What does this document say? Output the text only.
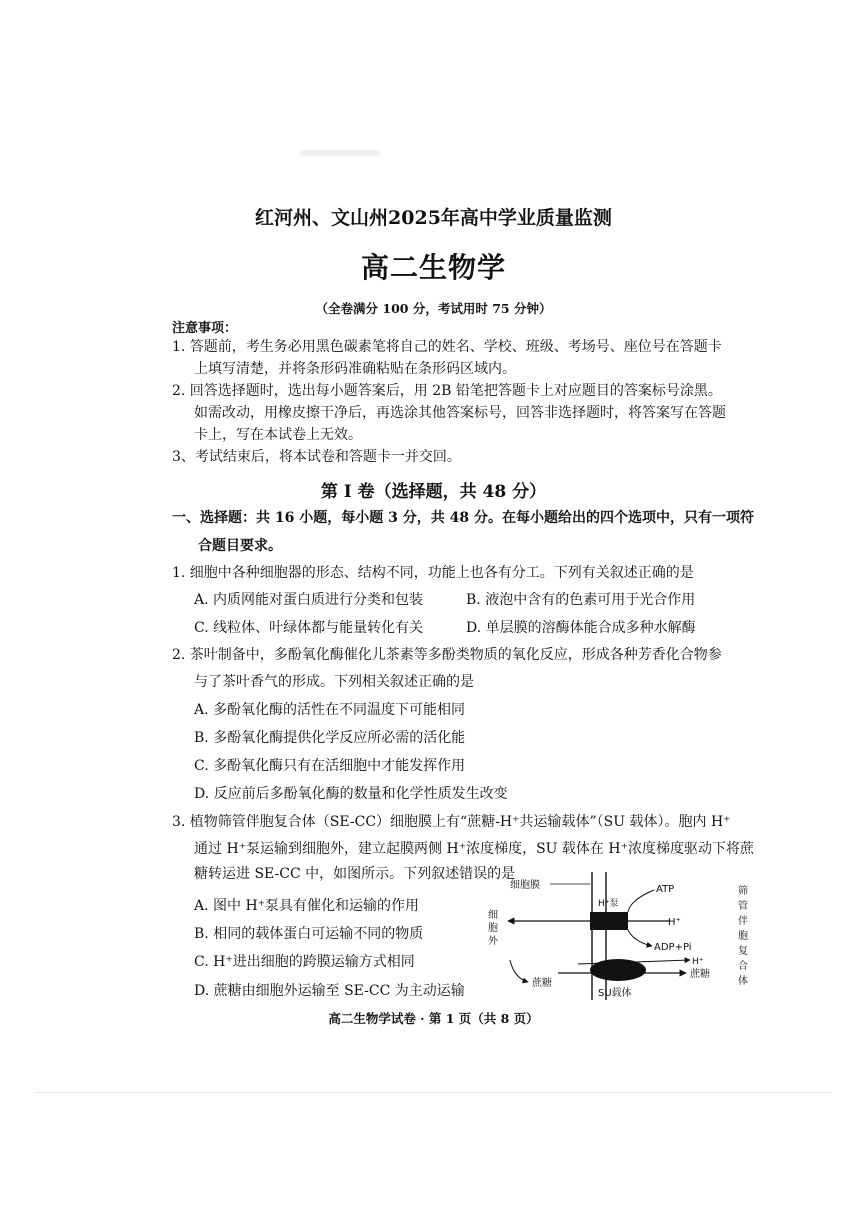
红河州、文山州2025年高中学业质量监测
高二生物学
（全卷满分 100 分，考试用时 75 分钟）
注意事项：
1. 答题前，考生务必用黑色碳素笔将自己的姓名、学校、班级、考场号、座位号在答题卡
上填写清楚，并将条形码准确粘贴在条形码区域内。
2. 回答选择题时，选出每小题答案后，用 2B 铅笔把答题卡上对应题目的答案标号涂黑。
如需改动，用橡皮擦干净后，再选涂其他答案标号，回答非选择题时，将答案写在答题
卡上，写在本试卷上无效。
3、考试结束后，将本试卷和答题卡一并交回。
第 I 卷（选择题，共 48 分）
一、选择题：共 16 小题，每小题 3 分，共 48 分。在每小题给出的四个选项中，只有一项符
合题目要求。
1. 细胞中各种细胞器的形态、结构不同，功能上也各有分工。下列有关叙述正确的是
A. 内质网能对蛋白质进行分类和包装	B. 液泡中含有的色素可用于光合作用
C. 线粒体、叶绿体都与能量转化有关	D. 单层膜的溶酶体能合成多种水解酶
2. 茶叶制备中，多酚氧化酶催化儿茶素等多酚类物质的氧化反应，形成各种芳香化合物参
与了茶叶香气的形成。下列相关叙述正确的是
A. 多酚氧化酶的活性在不同温度下可能相同
B. 多酚氧化酶提供化学反应所必需的活化能
C. 多酚氧化酶只有在活细胞中才能发挥作用
D. 反应前后多酚氧化酶的数量和化学性质发生改变
3. 植物筛管伴胞复合体（SE-CC）细胞膜上有“蔗糖-H⁺共运输载体”（SU 载体）。胞内 H⁺
通过 H⁺泵运输到细胞外，建立起膜两侧 H⁺浓度梯度，SU 载体在 H⁺浓度梯度驱动下将蔗
糖转运进 SE-CC 中，如图所示。下列叙述错误的是
A. 图中 H⁺泵具有催化和运输的作用
B. 相同的载体蛋白可运输不同的物质
C. H⁺进出细胞的跨膜运输方式相同
D. 蔗糖由细胞外运输至 SE-CC 为主动运输
细胞膜
H⁺泵
H⁺
ATP
ADP+Pi
细 胞 外
蔗糖
H⁺
蔗糖
SU载体
筛 管 伴 胞 复 合 体
高二生物学试卷 · 第 1 页（共 8 页）
